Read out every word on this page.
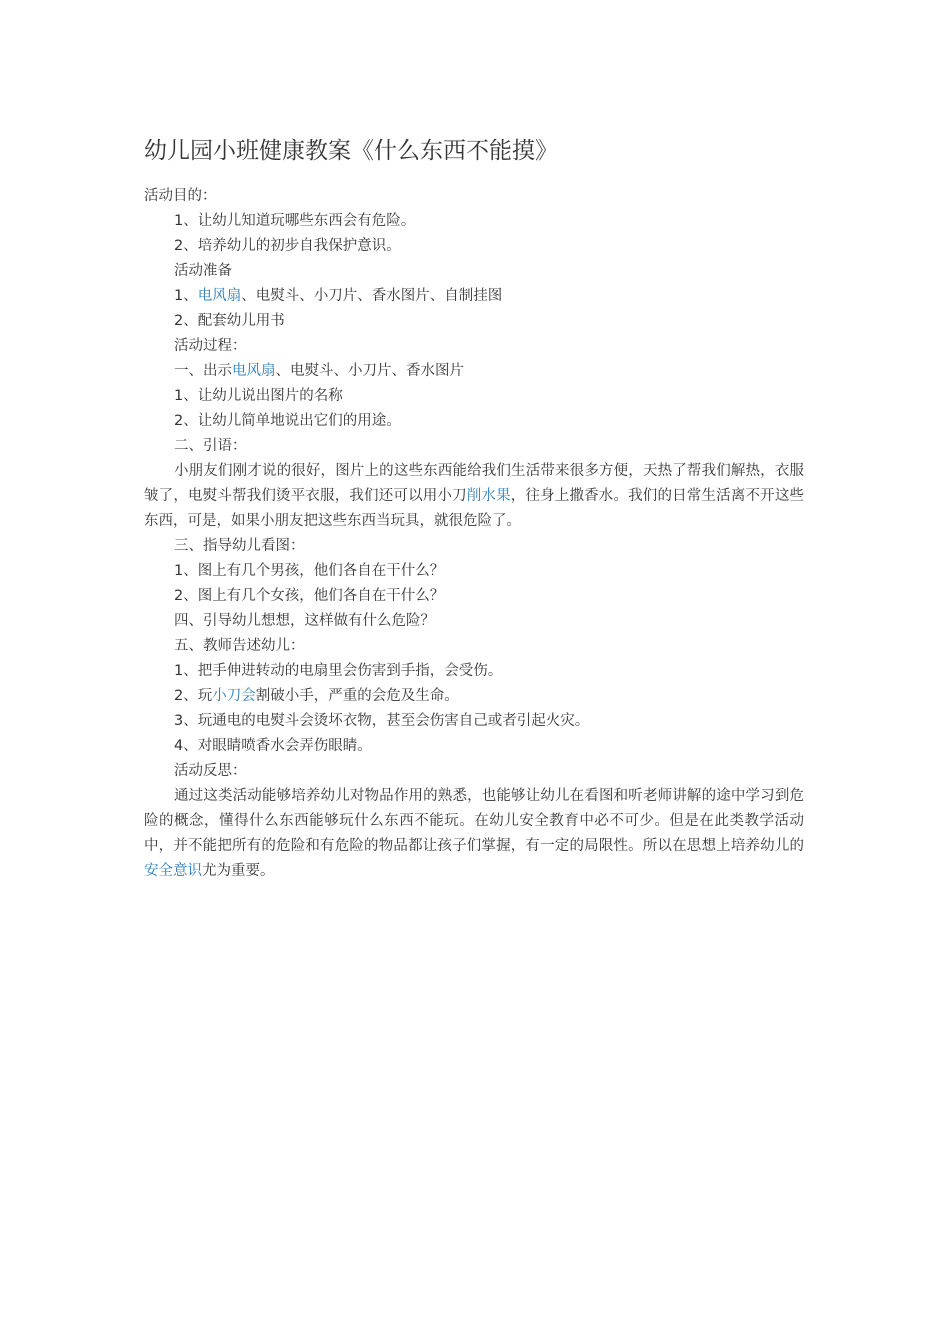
幼儿园小班健康教案《什么东西不能摸》

活动目的：

1、让幼儿知道玩哪些东西会有危险。

2、培养幼儿的初步自我保护意识。

活动准备

1、电风扇、电熨斗、小刀片、香水图片、自制挂图

2、配套幼儿用书

活动过程：

一、出示电风扇、电熨斗、小刀片、香水图片

1、让幼儿说出图片的名称

2、让幼儿简单地说出它们的用途。

二、引语：

小朋友们刚才说的很好，图片上的这些东西能给我们生活带来很多方便，天热了帮我们解热，衣服皱了，电熨斗帮我们烫平衣服，我们还可以用小刀削水果，往身上撒香水。我们的日常生活离不开这些东西，可是，如果小朋友把这些东西当玩具，就很危险了。

三、指导幼儿看图：

1、图上有几个男孩，他们各自在干什么？

2、图上有几个女孩，他们各自在干什么？

四、引导幼儿想想，这样做有什么危险？

五、教师告述幼儿：

1、把手伸进转动的电扇里会伤害到手指，会受伤。

2、玩小刀会割破小手，严重的会危及生命。

3、玩通电的电熨斗会烫坏衣物，甚至会伤害自己或者引起火灾。

4、对眼睛喷香水会弄伤眼睛。

活动反思：

通过这类活动能够培养幼儿对物品作用的熟悉，也能够让幼儿在看图和听老师讲解的途中学习到危险的概念，懂得什么东西能够玩什么东西不能玩。在幼儿安全教育中必不可少。但是在此类教学活动中，并不能把所有的危险和有危险的物品都让孩子们掌握，有一定的局限性。所以在思想上培养幼儿的安全意识尤为重要。
